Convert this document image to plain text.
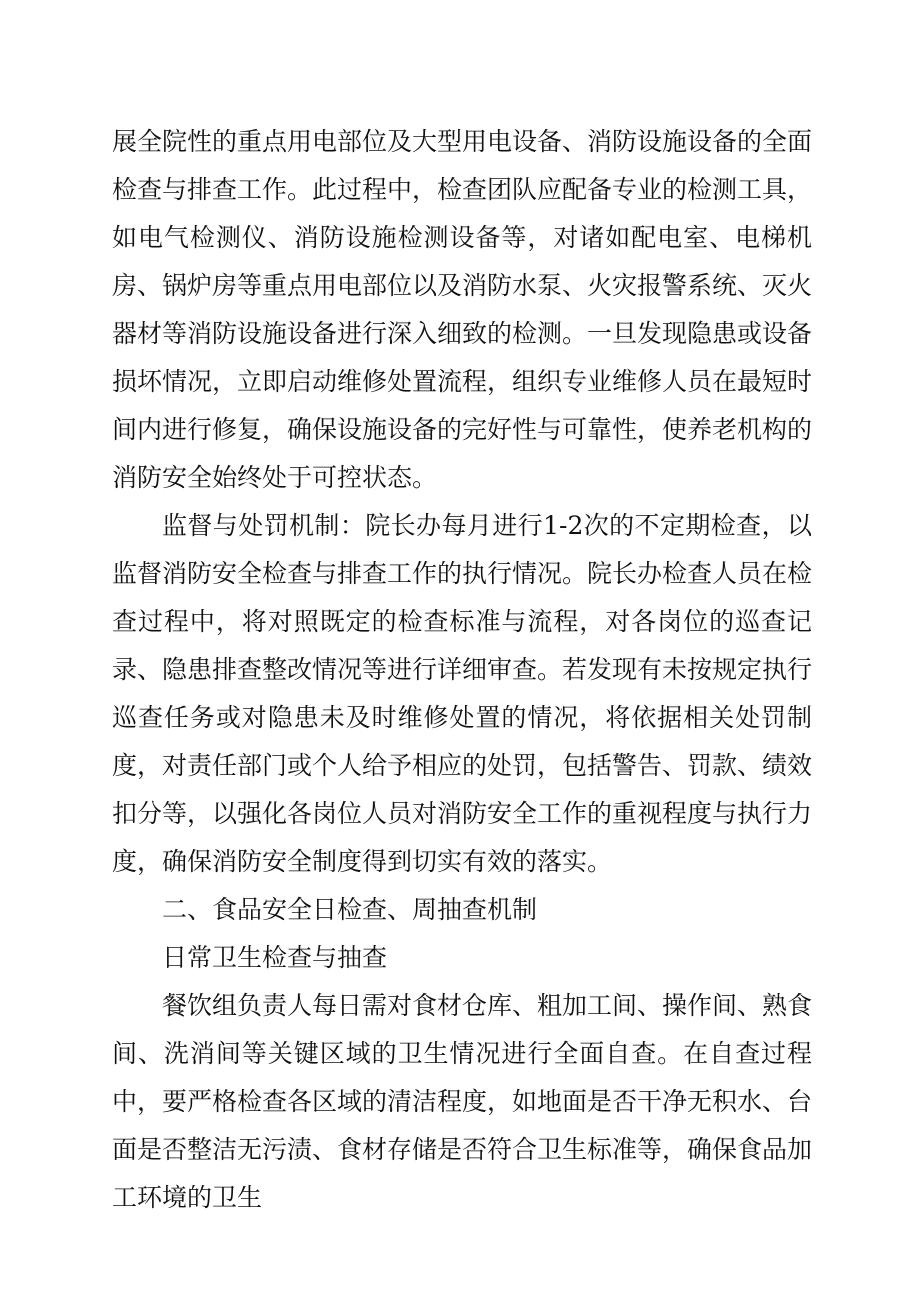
展全院性的重点用电部位及大型用电设备、消防设施设备的全面检查与排查工作。此过程中，检查团队应配备专业的检测工具，如电气检测仪、消防设施检测设备等，对诸如配电室、电梯机房、锅炉房等重点用电部位以及消防水泵、火灾报警系统、灭火器材等消防设施设备进行深入细致的检测。一旦发现隐患或设备损坏情况，立即启动维修处置流程，组织专业维修人员在最短时间内进行修复，确保设施设备的完好性与可靠性，使养老机构的消防安全始终处于可控状态。

监督与处罚机制：院长办每月进行1-2次的不定期检查，以监督消防安全检查与排查工作的执行情况。院长办检查人员在检查过程中，将对照既定的检查标准与流程，对各岗位的巡查记录、隐患排查整改情况等进行详细审查。若发现有未按规定执行巡查任务或对隐患未及时维修处置的情况，将依据相关处罚制度，对责任部门或个人给予相应的处罚，包括警告、罚款、绩效扣分等，以强化各岗位人员对消防安全工作的重视程度与执行力度，确保消防安全制度得到切实有效的落实。

二、食品安全日检查、周抽查机制

日常卫生检查与抽查

餐饮组负责人每日需对食材仓库、粗加工间、操作间、熟食间、洗消间等关键区域的卫生情况进行全面自查。在自查过程中，要严格检查各区域的清洁程度，如地面是否干净无积水、台面是否整洁无污渍、食材存储是否符合卫生标准等，确保食品加工环境的卫生
